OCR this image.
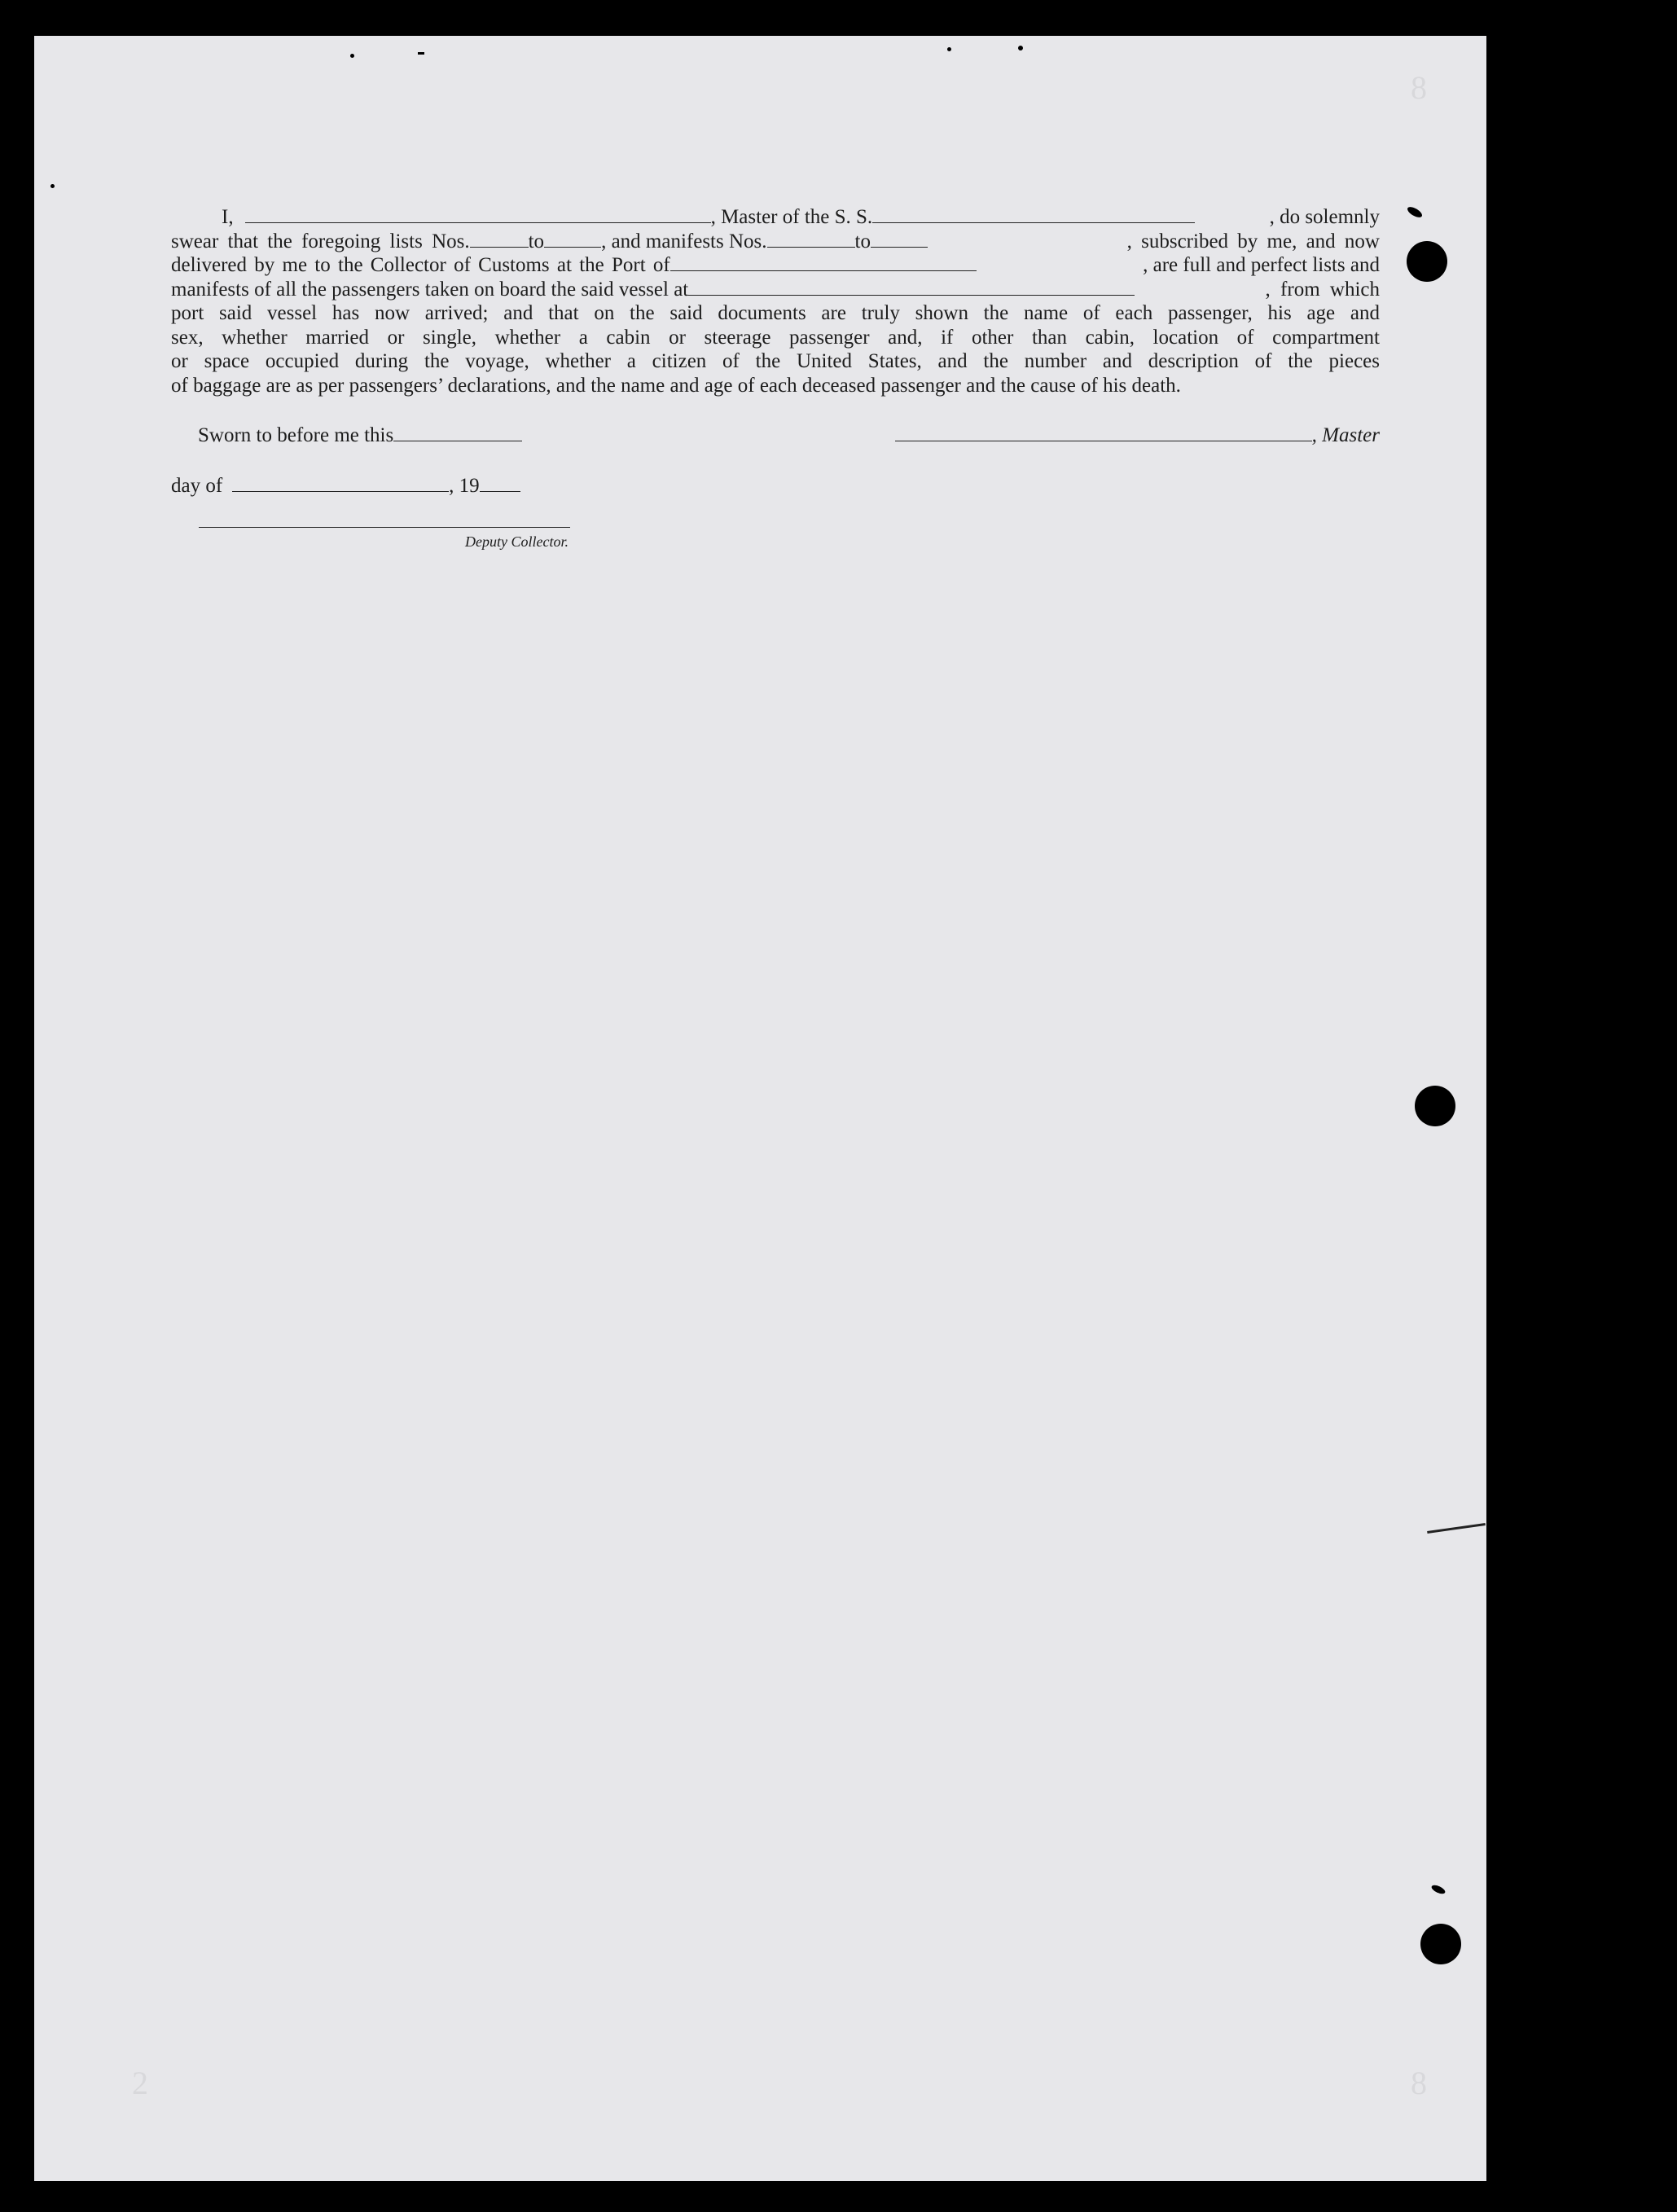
I,	, Master of the S. S.	, do solemnly
swear that the foregoing lists Nos.	to	, and manifests Nos.	to	, subscribed by me, and now
delivered by me to the Collector of Customs at the Port of	, are full and perfect lists and
manifests of all the passengers taken on board the said vessel at	, from which

port said vessel has now arrived; and that on the said documents are truly shown the name of each passenger, his age and

sex, whether married or single, whether a cabin or steerage passenger and, if other than cabin, location of compartment

or space occupied during the voyage, whether a citizen of the United States, and the number and description of the pieces

of baggage are as per passengers’ declarations, and the name and age of each deceased passenger and the cause of his death.

Sworn to before me this	, Master
day of	, 19
Deputy Collector.
2	8
8
